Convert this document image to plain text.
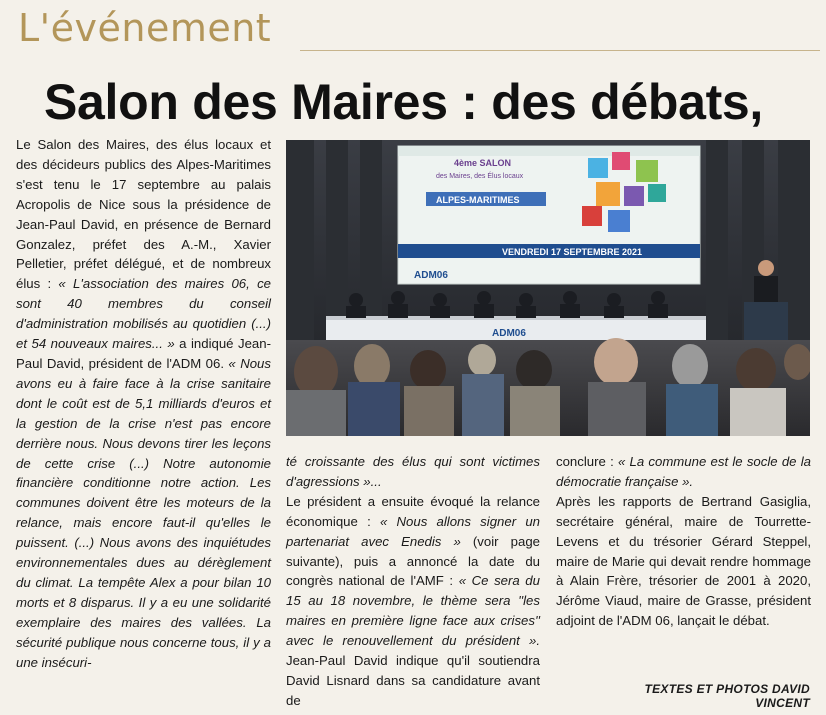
L'événement
Salon des Maires : des débats,

Le Salon des Maires, des élus locaux et des décideurs publics des Alpes-Maritimes s'est tenu le 17 septembre au palais Acropolis de Nice sous la présidence de Jean-Paul David, en présence de Bernard Gonzalez, préfet des A.-M., Xavier Pelletier, préfet délégué, et de nombreux élus : « L'association des maires 06, ce sont 40 membres du conseil d'administration mobilisés au quotidien (...) et 54 nouveaux maires... » a indiqué Jean-Paul David, président de l'ADM 06. « Nous avons eu à faire face à la crise sanitaire dont le coût est de 5,1 milliards d'euros et la gestion de la crise n'est pas encore derrière nous. Nous devons tirer les leçons de cette crise (...) Notre autonomie financière conditionne notre action. Les communes doivent être les moteurs de la relance, mais encore faut-il qu'elles le puissent. (...) Nous avons des inquiétudes environnementales dues au dérèglement du climat. La tempête Alex a pour bilan 10 morts et 8 disparus. Il y a eu une solidarité exemplaire des maires des vallées. La sécurité publique nous concerne tous, il y a une insécuri-

4ème SALON
des Maires, des Élus locaux
ALPES-MARITIMES
VENDREDI 17 SEPTEMBRE 2021
ADM06
ADM06

té croissante des élus qui sont victimes d'agressions »...

Le président a ensuite évoqué la relance économique : « Nous allons signer un partenariat avec Enedis » (voir page suivante), puis a annoncé la date du congrès national de l'AMF : « Ce sera du 15 au 18 novembre, le thème sera ''les maires en première ligne face aux crises'' avec le renouvellement du président ». Jean-Paul David indique qu'il soutiendra David Lisnard dans sa candidature avant de

conclure : « La commune est le socle de la démocratie française ».

Après les rapports de Bertrand Gasiglia, secrétaire général, maire de Tourrette-Levens et du trésorier Gérard Steppel, maire de Marie qui devait rendre hommage à Alain Frère, trésorier de 2001 à 2020, Jérôme Viaud, maire de Grasse, président adjoint de l'ADM 06, lançait le débat.

TEXTES ET PHOTOS DAVID VINCENT
